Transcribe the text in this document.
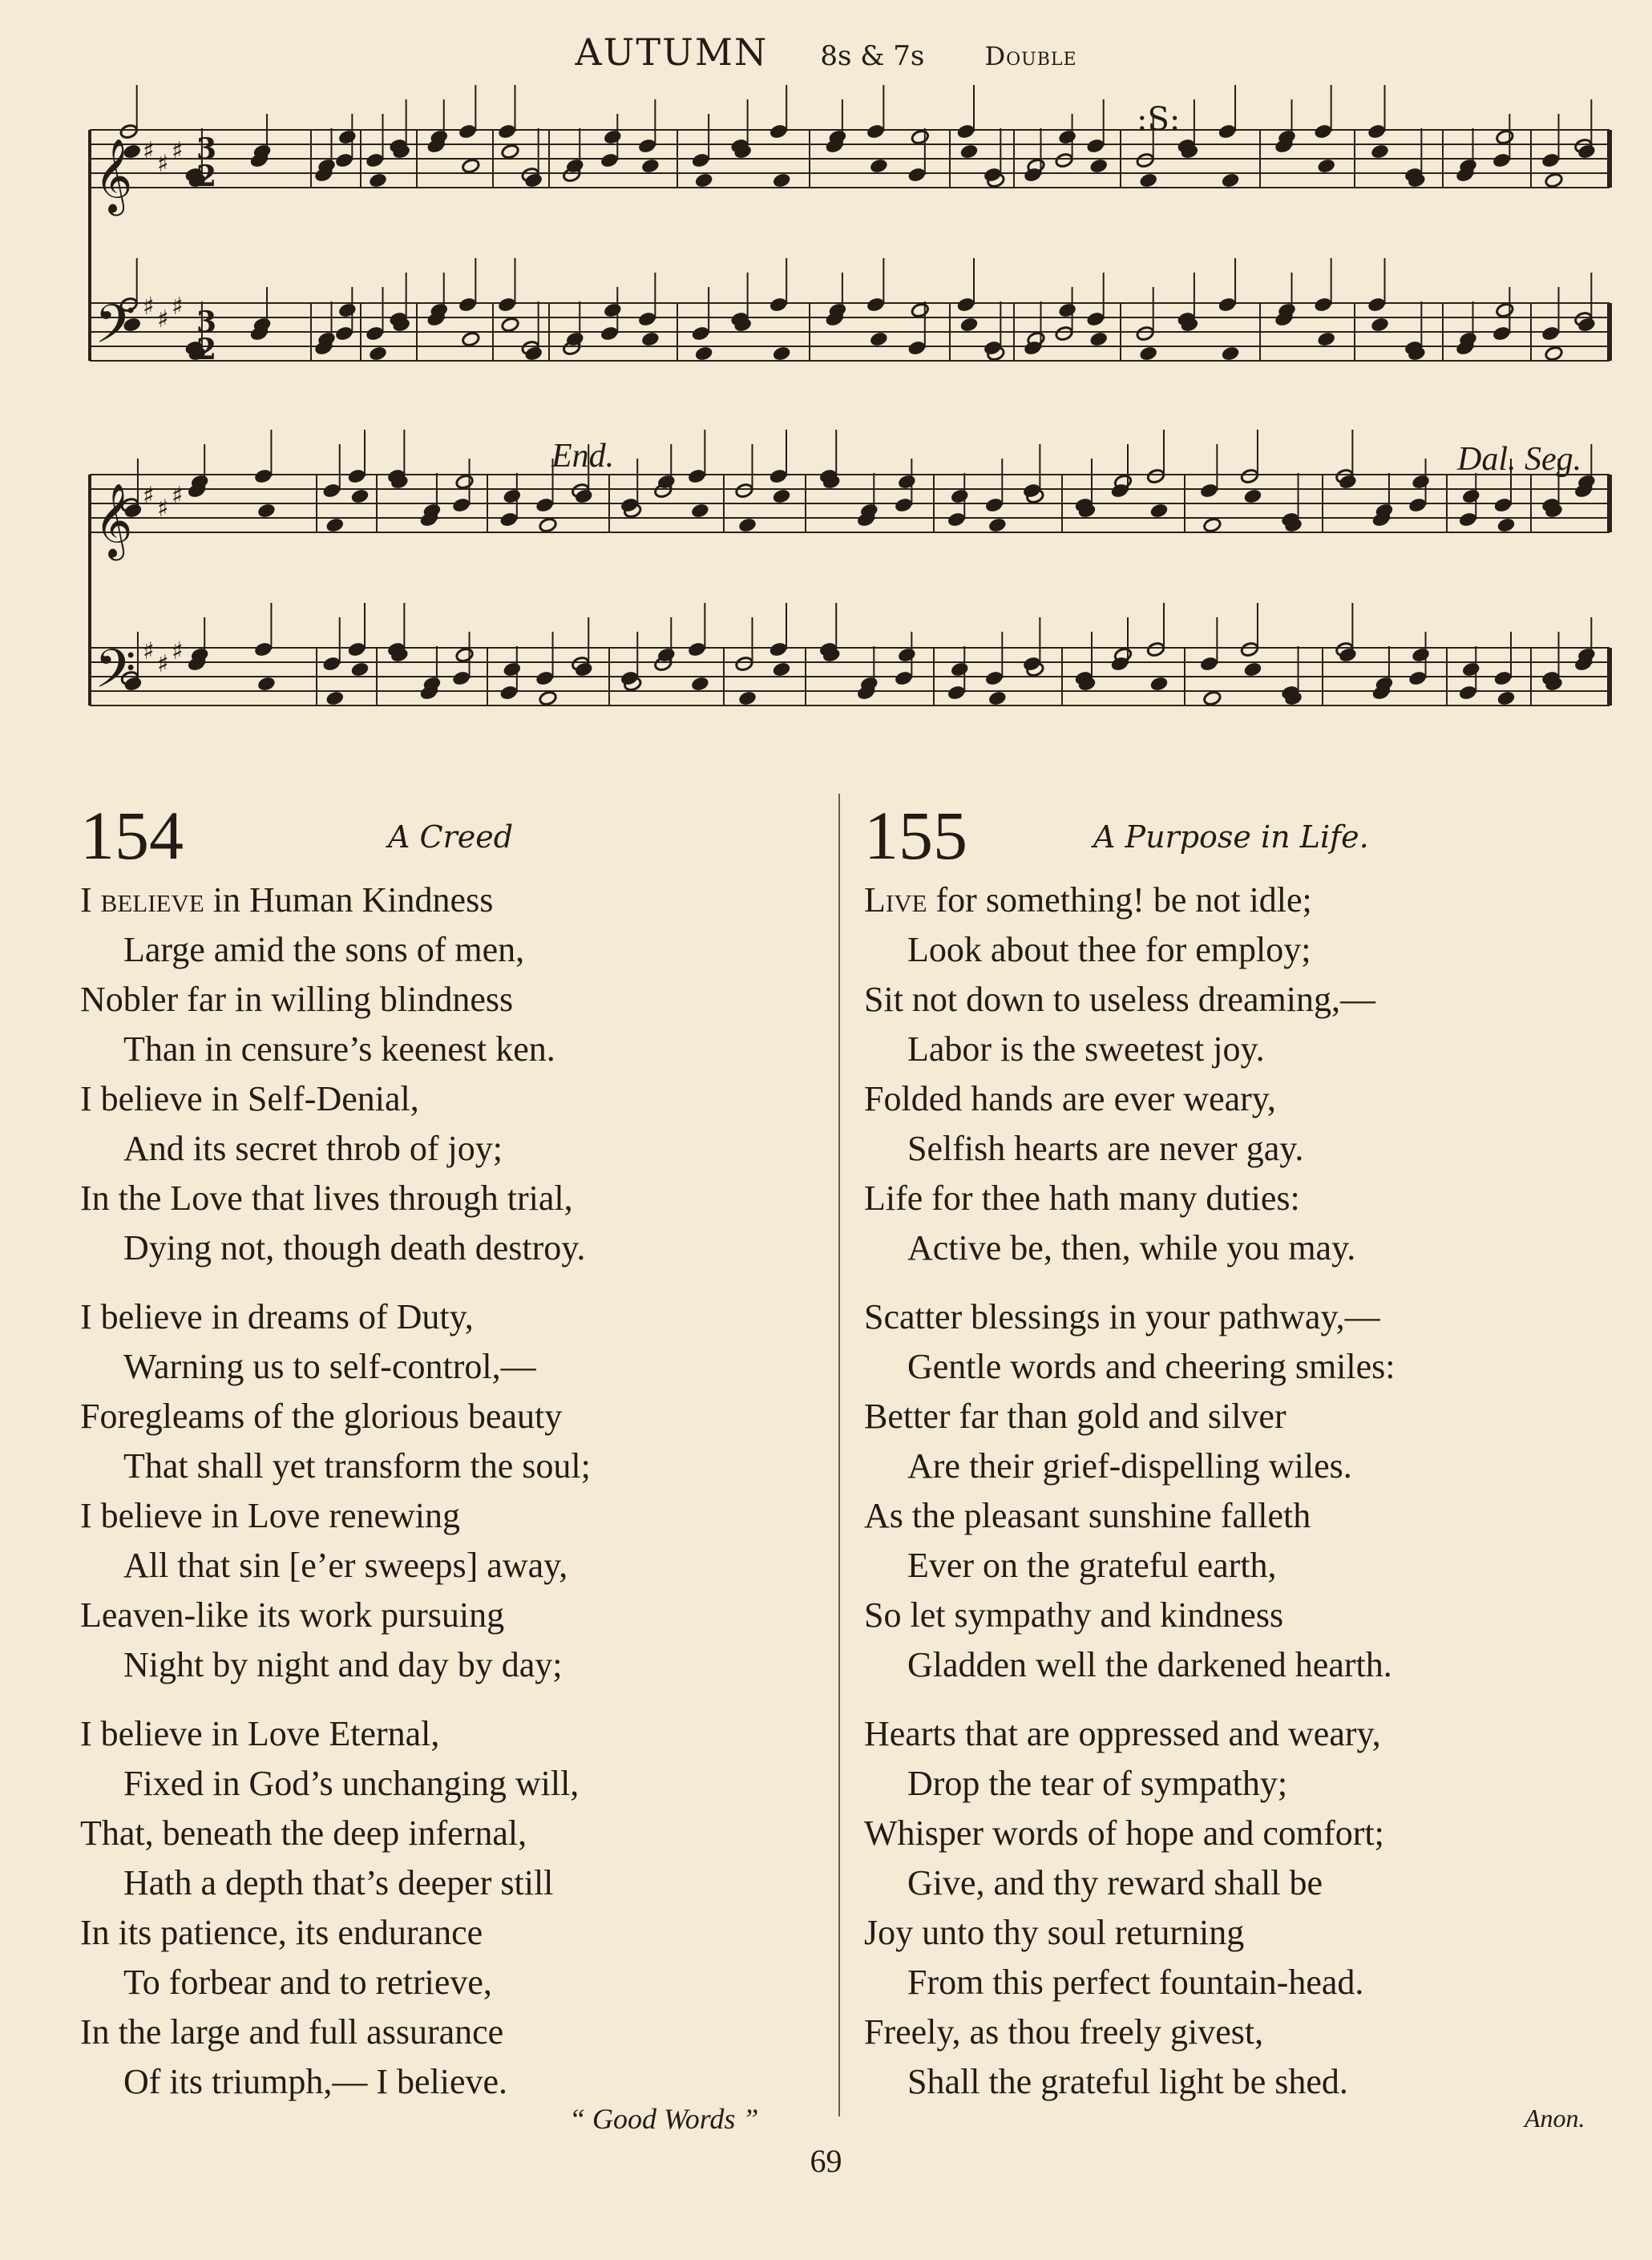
AUTUMN 8s & 7s Double
𝄞 ♯ ♯ ♯
𝄢 ♯ ♯ ♯
𝄞 ♯ ♯ ♯
𝄢 ♯ ♯ ♯
3
2
3
2
:S:
End.	Dal. Seg.
154	A Creed
I believe in Human Kindness
Large amid the sons of men,
Nobler far in willing blindness
Than in censure’s keenest ken.
I believe in Self-Denial,
And its secret throb of joy;
In the Love that lives through trial,
Dying not, though death destroy.
I believe in dreams of Duty,
Warning us to self-control,—
Foregleams of the glorious beauty
That shall yet transform the soul;
I believe in Love renewing
All that sin [e’er sweeps] away,
Leaven-like its work pursuing
Night by night and day by day;
I believe in Love Eternal,
Fixed in God’s unchanging will,
That, beneath the deep infernal,
Hath a depth that’s deeper still
In its patience, its endurance
To forbear and to retrieve,
In the large and full assurance
Of its triumph,— I believe.
155	A Purpose in Life.
Live for something! be not idle;
Look about thee for employ;
Sit not down to useless dreaming,—
Labor is the sweetest joy.
Folded hands are ever weary,
Selfish hearts are never gay.
Life for thee hath many duties:
Active be, then, while you may.
Scatter blessings in your pathway,—
Gentle words and cheering smiles:
Better far than gold and silver
Are their grief-dispelling wiles.
As the pleasant sunshine falleth
Ever on the grateful earth,
So let sympathy and kindness
Gladden well the darkened hearth.
Hearts that are oppressed and weary,
Drop the tear of sympathy;
Whisper words of hope and comfort;
Give, and thy reward shall be
Joy unto thy soul returning
From this perfect fountain-head.
Freely, as thou freely givest,
Shall the grateful light be shed.
“ Good Words ”	Anon.
69
